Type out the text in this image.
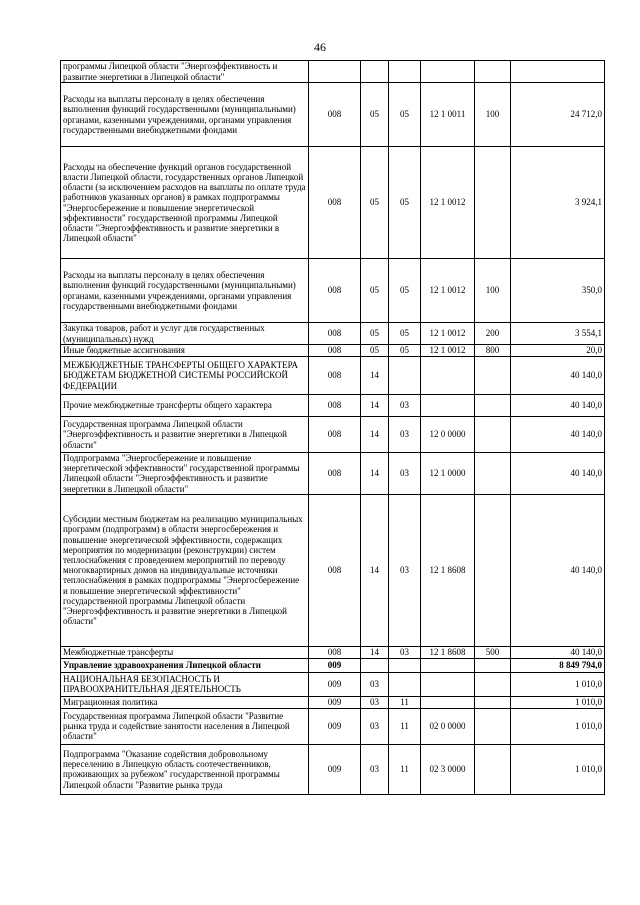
46
программы Липецкой области "Энергоэффективность и развитие энергетики в Липецкой области"						
Расходы на выплаты персоналу в целях обеспечения выполнения функций государственными (муниципальными) органами, казенными учреждениями, органами управления государственными внебюджетными фондами	008	05	05	12 1 0011	100	24 712,0
Расходы на обеспечение функций органов государственной власти Липецкой области, государственных органов Липецкой области (за исключением расходов на выплаты по оплате труда работников указанных органов) в рамках подпрограммы "Энергосбережение и повышение энергетической эффективности" государственной программы Липецкой области "Энергоэффективность и развитие энергетики в Липецкой области"	008	05	05	12 1 0012		3 924,1
Расходы на выплаты персоналу в целях обеспечения выполнения функций государственными (муниципальными) органами, казенными учреждениями, органами управления государственными внебюджетными фондами	008	05	05	12 1 0012	100	350,0
Закупка товаров, работ и услуг для государственных (муниципальных) нужд	008	05	05	12 1 0012	200	3 554,1
Иные бюджетные ассигнования	008	05	05	12 1 0012	800	20,0
МЕЖБЮДЖЕТНЫЕ ТРАНСФЕРТЫ ОБЩЕГО ХАРАКТЕРА БЮДЖЕТАМ БЮДЖЕТНОЙ СИСТЕМЫ РОССИЙСКОЙ ФЕДЕРАЦИИ	008	14				40 140,0
Прочие межбюджетные трансферты общего характера	008	14	03			40 140,0
Государственная программа Липецкой области "Энергоэффективность и развитие энергетики в Липецкой области"	008	14	03	12 0 0000		40 140,0
Подпрограмма "Энергосбережение и повышение энергетической эффективности" государственной программы Липецкой области "Энергоэффективность и развитие энергетики в Липецкой области"	008	14	03	12 1 0000		40 140,0
Субсидии местным бюджетам на реализацию муниципальных программ (подпрограмм) в области энергосбережения и повышение энергетической эффективности, содержащих мероприятия по модернизации (реконструкции) систем теплоснабжения с проведением мероприятий по переводу многоквартирных домов на индивидуальные источники теплоснабжения в рамках подпрограммы "Энергосбережение и повышение энергетической эффективности" государственной программы Липецкой области "Энергоэффективность и развитие энергетики в Липецкой области"	008	14	03	12 1 8608		40 140,0
Межбюджетные трансферты	008	14	03	12 1 8608	500	40 140,0
Управление здравоохранения Липецкой области	009					8 849 794,0
НАЦИОНАЛЬНАЯ БЕЗОПАСНОСТЬ И ПРАВООХРАНИТЕЛЬНАЯ ДЕЯТЕЛЬНОСТЬ	009	03				1 010,0
Миграционная политика	009	03	11			1 010,0
Государственная программа Липецкой области "Развитие рынка труда и содействие занятости населения в Липецкой области"	009	03	11	02 0 0000		1 010,0
Подпрограмма "Оказание содействия добровольному переселению в Липецкую область соотечественников, проживающих за рубежом" государственной программы Липецкой области "Развитие рынка труда	009	03	11	02 3 0000		1 010,0
